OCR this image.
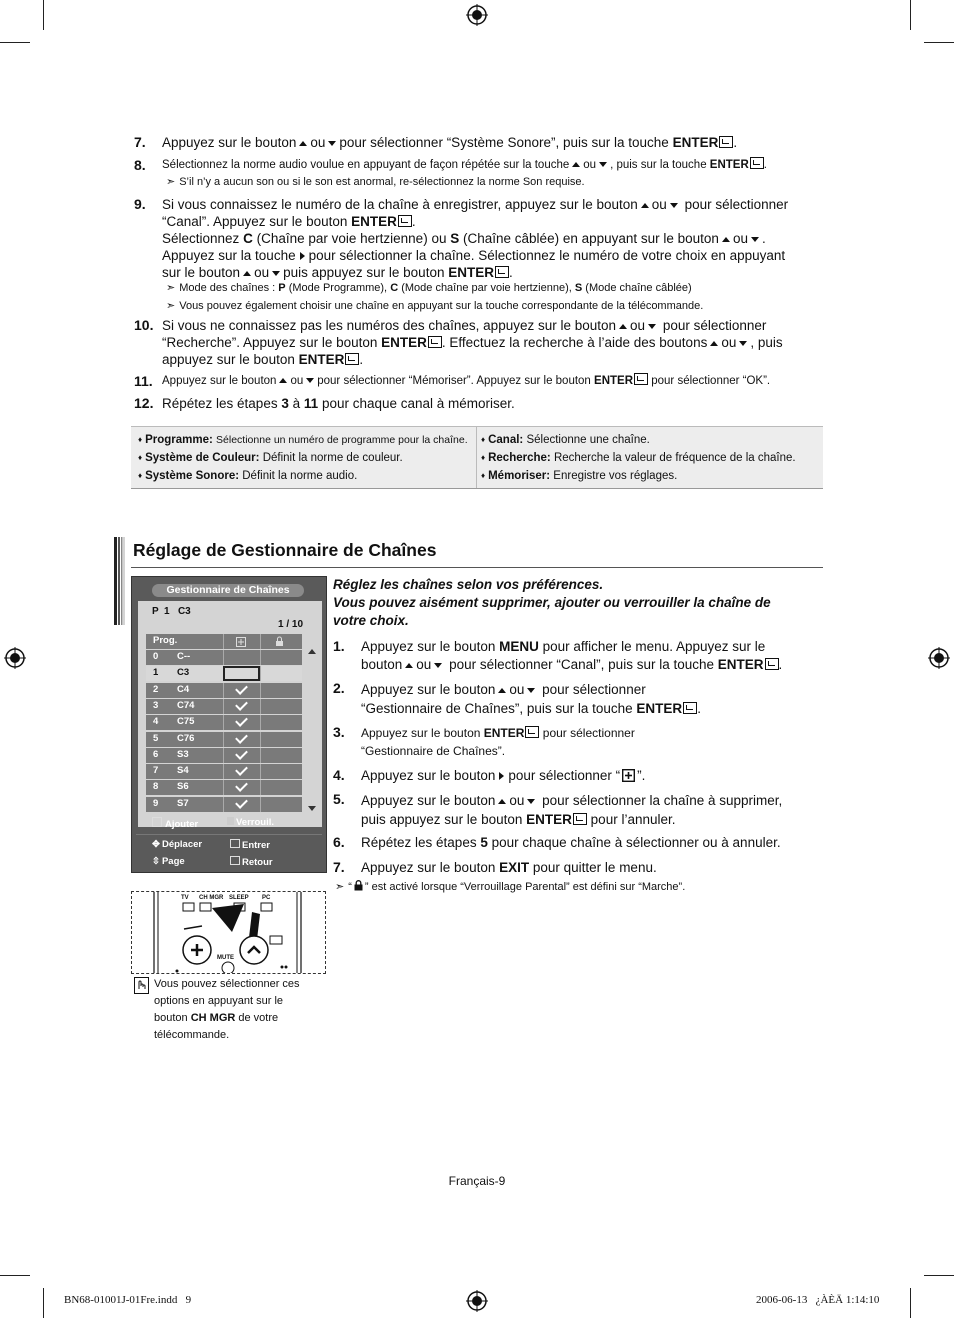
7. Appuyez sur le bouton ou pour sélectionner “Système Sonore”, puis sur la touche ENTER .
8. Sélectionnez la norme audio voulue en appuyant de façon répétée sur la touche ou , puis sur la touche ENTER .
➣ S’il n’y a aucun son ou si le son est anormal, re-sélectionnez la norme Son requise.
9. Si vous connaissez le numéro de la chaîne à enregistrer, appuyez sur le bouton ou pour sélectionner
“Canal”. Appuyez sur le bouton ENTER .
Sélectionnez C (Chaîne par voie hertzienne) ou S (Chaîne câblée) en appuyant sur le bouton ou .
Appuyez sur la touche pour sélectionner la chaîne. Sélectionnez le numéro de votre choix en appuyant
sur le bouton ou puis appuyez sur le bouton ENTER .
➣ Mode des chaînes : P (Mode Programme), C (Mode chaîne par voie hertzienne), S (Mode chaîne câblée)
➣ Vous pouvez également choisir une chaîne en appuyant sur la touche correspondante de la télécommande.
10. Si vous ne connaissez pas les numéros des chaînes, appuyez sur le bouton ou pour sélectionner
“Recherche”. Appuyez sur le bouton ENTER . Effectuez la recherche à l’aide des boutons ou , puis
appuyez sur le bouton ENTER .
11. Appuyez sur le bouton ou pour sélectionner “Mémoriser”. Appuyez sur le bouton ENTER pour sélectionner “OK”.
12. Répétez les étapes 3 à 11 pour chaque canal à mémoriser.
♦ Programme: Sélectionne un numéro de programme pour la chaîne.
♦ Système de Couleur: Définit la norme de couleur.
♦ Système Sonore: Définit la norme audio.
♦ Canal: Sélectionne une chaîne.
♦ Recherche: Recherche la valeur de fréquence de la chaîne.
♦ Mémoriser: Enregistre vos réglages.
Réglage de Gestionnaire de Chaînes
Gestionnaire de Chaînes
P  1   C3
1 / 10
Prog.
Ajouter	Verrouil.
✥ Déplacer	Entrer
⇳ Page	Retour
0 C--
1 C3
2 C4
3 C74
4 C75
5 C76
6 S3
7 S4
8 S6
9 S7
Réglez les chaînes selon vos préférences.
Vous pouvez aisément supprimer, ajouter ou verrouiller la chaîne de
votre choix.
1. Appuyez sur le bouton MENU pour afficher le menu. Appuyez sur le
bouton ou pour sélectionner “Canal”, puis sur la touche ENTER .
2. Appuyez sur le bouton ou pour sélectionner
“Gestionnaire de Chaînes”, puis sur la touche ENTER .
3. Appuyez sur le bouton ENTER pour sélectionner
“Gestionnaire de Chaînes”.
4. Appuyez sur le bouton pour sélectionner “ ”.
5. Appuyez sur le bouton ou pour sélectionner la chaîne à supprimer,
puis appuyez sur le bouton ENTER pour l’annuler.
6. Répétez les étapes 5 pour chaque chaîne à sélectionner ou à annuler.
7. Appuyez sur le bouton EXIT pour quitter le menu.
➣ “ ” est activé lorsque “Verrouillage Parental” est défini sur “Marche”.
TV CH MGR SLEEP PC
MUTE
Vous pouvez sélectionner ces
options en appuyant sur le
bouton CH MGR de votre
télécommande.
Français-9
BN68-01001J-01Fre.indd   9	2006-06-13   ¿ÀÈÄ 1:14:10
